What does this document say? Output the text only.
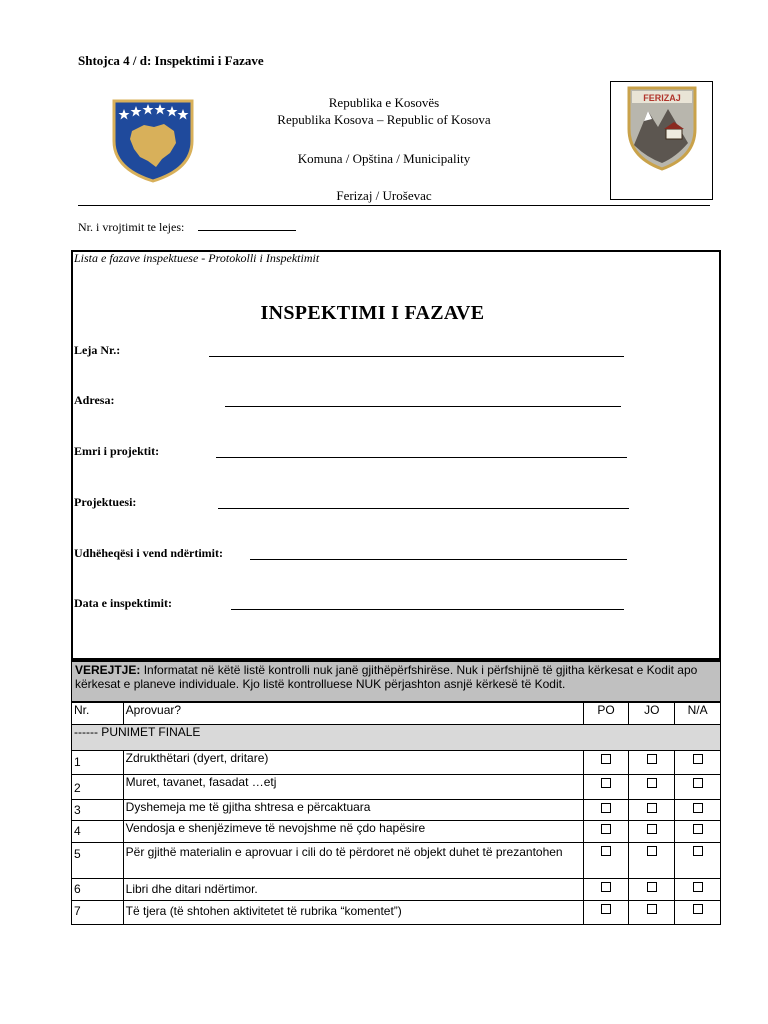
Shtojca 4 / d: Inspektimi i Fazave
Republika e Kosovës
Republika Kosova – Republic of Kosova
Komuna / Opština / Municipality
Ferizaj / Uroševac
FERIZAJ
Nr. i vrojtimit te lejes:
Lista e fazave inspektuese - Protokolli i Inspektimit
INSPEKTIMI I FAZAVE
Leja Nr.:
Adresa:
Emri i projektit:
Projektuesi:
Udhëheqësi i vend ndërtimit:
Data e inspektimit:
VEREJTJE: Informatat në këtë listë kontrolli nuk janë gjithëpërfshirëse. Nuk i përfshijnë të gjitha kërkesat e Kodit apo kërkesat e planeve individuale. Kjo listë kontrolluese NUK përjashton asnjë kërkesë të Kodit.
Nr.	Aprovuar?	PO	JO	N/A
------ PUNIMET FINALE				
1	Zdrukthëtari (dyert, dritare)			
2	Muret, tavanet, fasadat …etj			
3	Dyshemeja me të gjitha shtresa e përcaktuara			
4	Vendosja e shenjëzimeve të nevojshme në çdo hapësire			
5	Për gjithë materialin e aprovuar i cili do të përdoret në objekt duhet të prezantohen			
6	Libri dhe ditari ndërtimor.			
7	Të tjera (të shtohen aktivitetet të rubrika “komentet”)			
